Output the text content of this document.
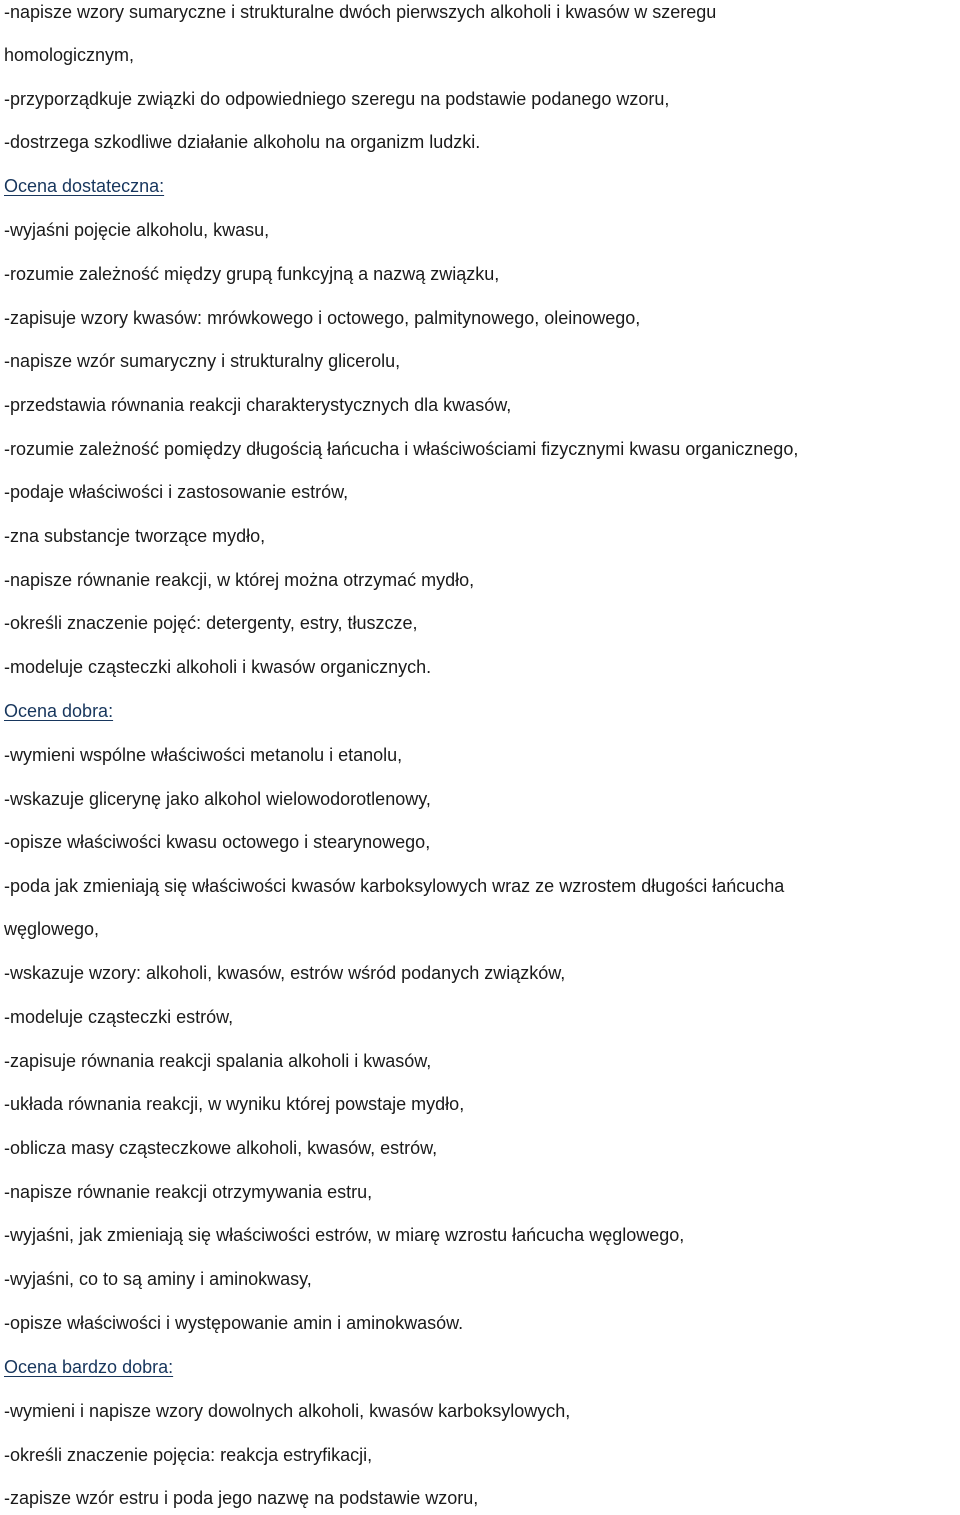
-napisze wzory sumaryczne i strukturalne dwóch pierwszych alkoholi i kwasów w szeregu
homologicznym,
-przyporządkuje związki do odpowiedniego szeregu na podstawie podanego wzoru,
-dostrzega szkodliwe działanie alkoholu na organizm ludzki.
Ocena dostateczna:
-wyjaśni pojęcie alkoholu, kwasu,
-rozumie zależność między grupą funkcyjną a nazwą związku,
-zapisuje wzory kwasów: mrówkowego i octowego, palmitynowego, oleinowego,
-napisze wzór sumaryczny i strukturalny glicerolu,
-przedstawia równania reakcji charakterystycznych dla kwasów,
-rozumie zależność pomiędzy długością łańcucha i właściwościami fizycznymi kwasu organicznego,
-podaje właściwości i zastosowanie estrów,
-zna substancje tworzące mydło,
-napisze równanie reakcji, w której można otrzymać mydło,
-określi znaczenie pojęć: detergenty, estry, tłuszcze,
-modeluje cząsteczki alkoholi i kwasów organicznych.
Ocena dobra:
-wymieni wspólne właściwości metanolu i etanolu,
-wskazuje glicerynę jako alkohol wielowodorotlenowy,
-opisze właściwości kwasu octowego i stearynowego,
-poda jak zmieniają się właściwości kwasów karboksylowych wraz ze wzrostem długości łańcucha
węglowego,
-wskazuje wzory: alkoholi, kwasów, estrów wśród podanych związków,
-modeluje cząsteczki estrów,
-zapisuje równania reakcji spalania alkoholi i kwasów,
-układa równania reakcji, w wyniku której powstaje mydło,
-oblicza masy cząsteczkowe alkoholi, kwasów, estrów,
-napisze równanie reakcji otrzymywania estru,
-wyjaśni, jak zmieniają się właściwości estrów, w miarę wzrostu łańcucha węglowego,
-wyjaśni, co to są aminy i aminokwasy,
-opisze właściwości i występowanie amin i aminokwasów.
Ocena bardzo dobra:
-wymieni i napisze wzory dowolnych alkoholi, kwasów karboksylowych,
-określi znaczenie pojęcia: reakcja estryfikacji,
-zapisze wzór estru i poda jego nazwę na podstawie wzoru,
